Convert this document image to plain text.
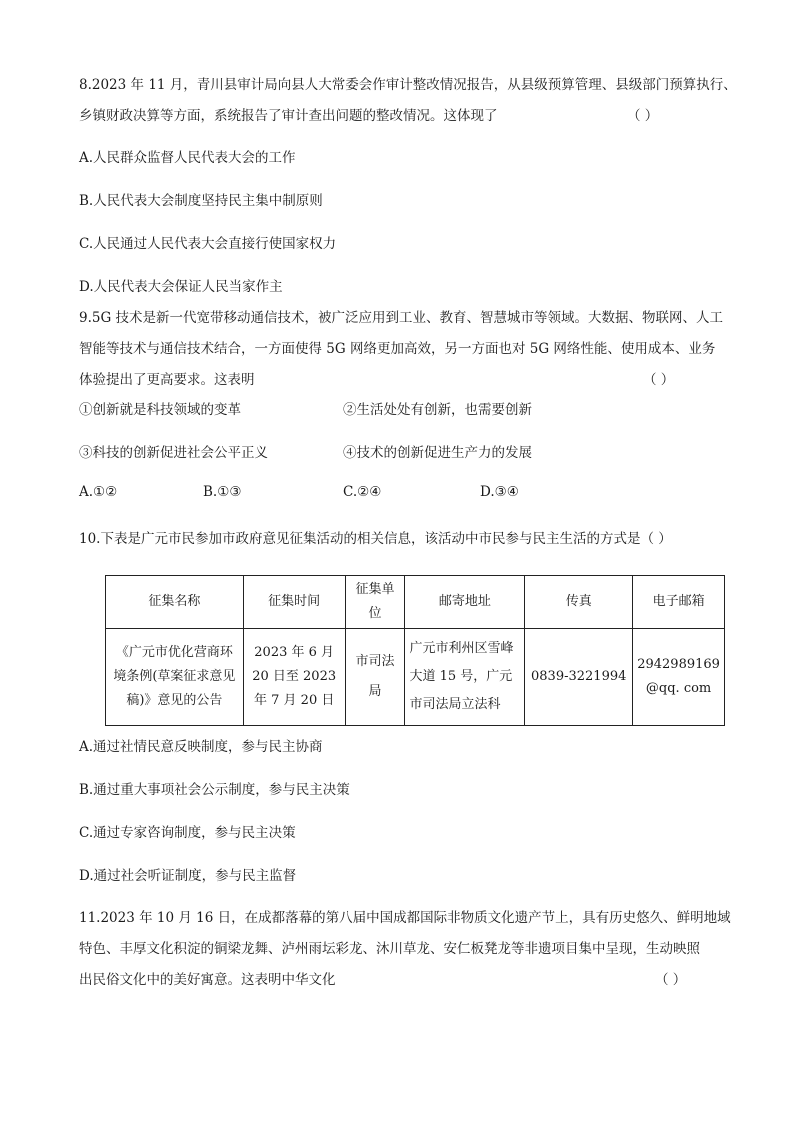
8.2023 年 11 月，青川县审计局向县人大常委会作审计整改情况报告，从县级预算管理、县级部门预算执行、
乡镇财政决算等方面，系统报告了审计查出问题的整改情况。这体现了	（ ）
A.人民群众监督人民代表大会的工作
B.人民代表大会制度坚持民主集中制原则
C.人民通过人民代表大会直接行使国家权力
D.人民代表大会保证人民当家作主
9.5G 技术是新一代宽带移动通信技术，被广泛应用到工业、教育、智慧城市等领域。大数据、物联网、人工
智能等技术与通信技术结合，一方面使得 5G 网络更加高效，另一方面也对 5G 网络性能、使用成本、业务
体验提出了更高要求。这表明	（ ）
①创新就是科技领域的变革	②生活处处有创新，也需要创新
③科技的创新促进社会公平正义	④技术的创新促进生产力的发展
A.①②	B.①③	C.②④	D.③④
10.下表是广元市民参加市政府意见征集活动的相关信息，该活动中市民参与民主生活的方式是（ ）
征集名称	征集时间	征集单位	邮寄地址	传真	电子邮箱
《广元市优化营商环境条例(草案征求意见稿)》意见的公告	2023 年 6 月 20 日至 2023 年 7 月 20 日	市司法局	广元市利州区雪峰大道 15 号，广元市司法局立法科	0839-3221994	2942989169@qq. com
A.通过社情民意反映制度，参与民主协商
B.通过重大事项社会公示制度，参与民主决策
C.通过专家咨询制度，参与民主决策
D.通过社会听证制度，参与民主监督
11.2023 年 10 月 16 日，在成都落幕的第八届中国成都国际非物质文化遗产节上，具有历史悠久、鲜明地域
特色、丰厚文化积淀的铜梁龙舞、泸州雨坛彩龙、沐川草龙、安仁板凳龙等非遗项目集中呈现，生动映照
出民俗文化中的美好寓意。这表明中华文化	（ ）
